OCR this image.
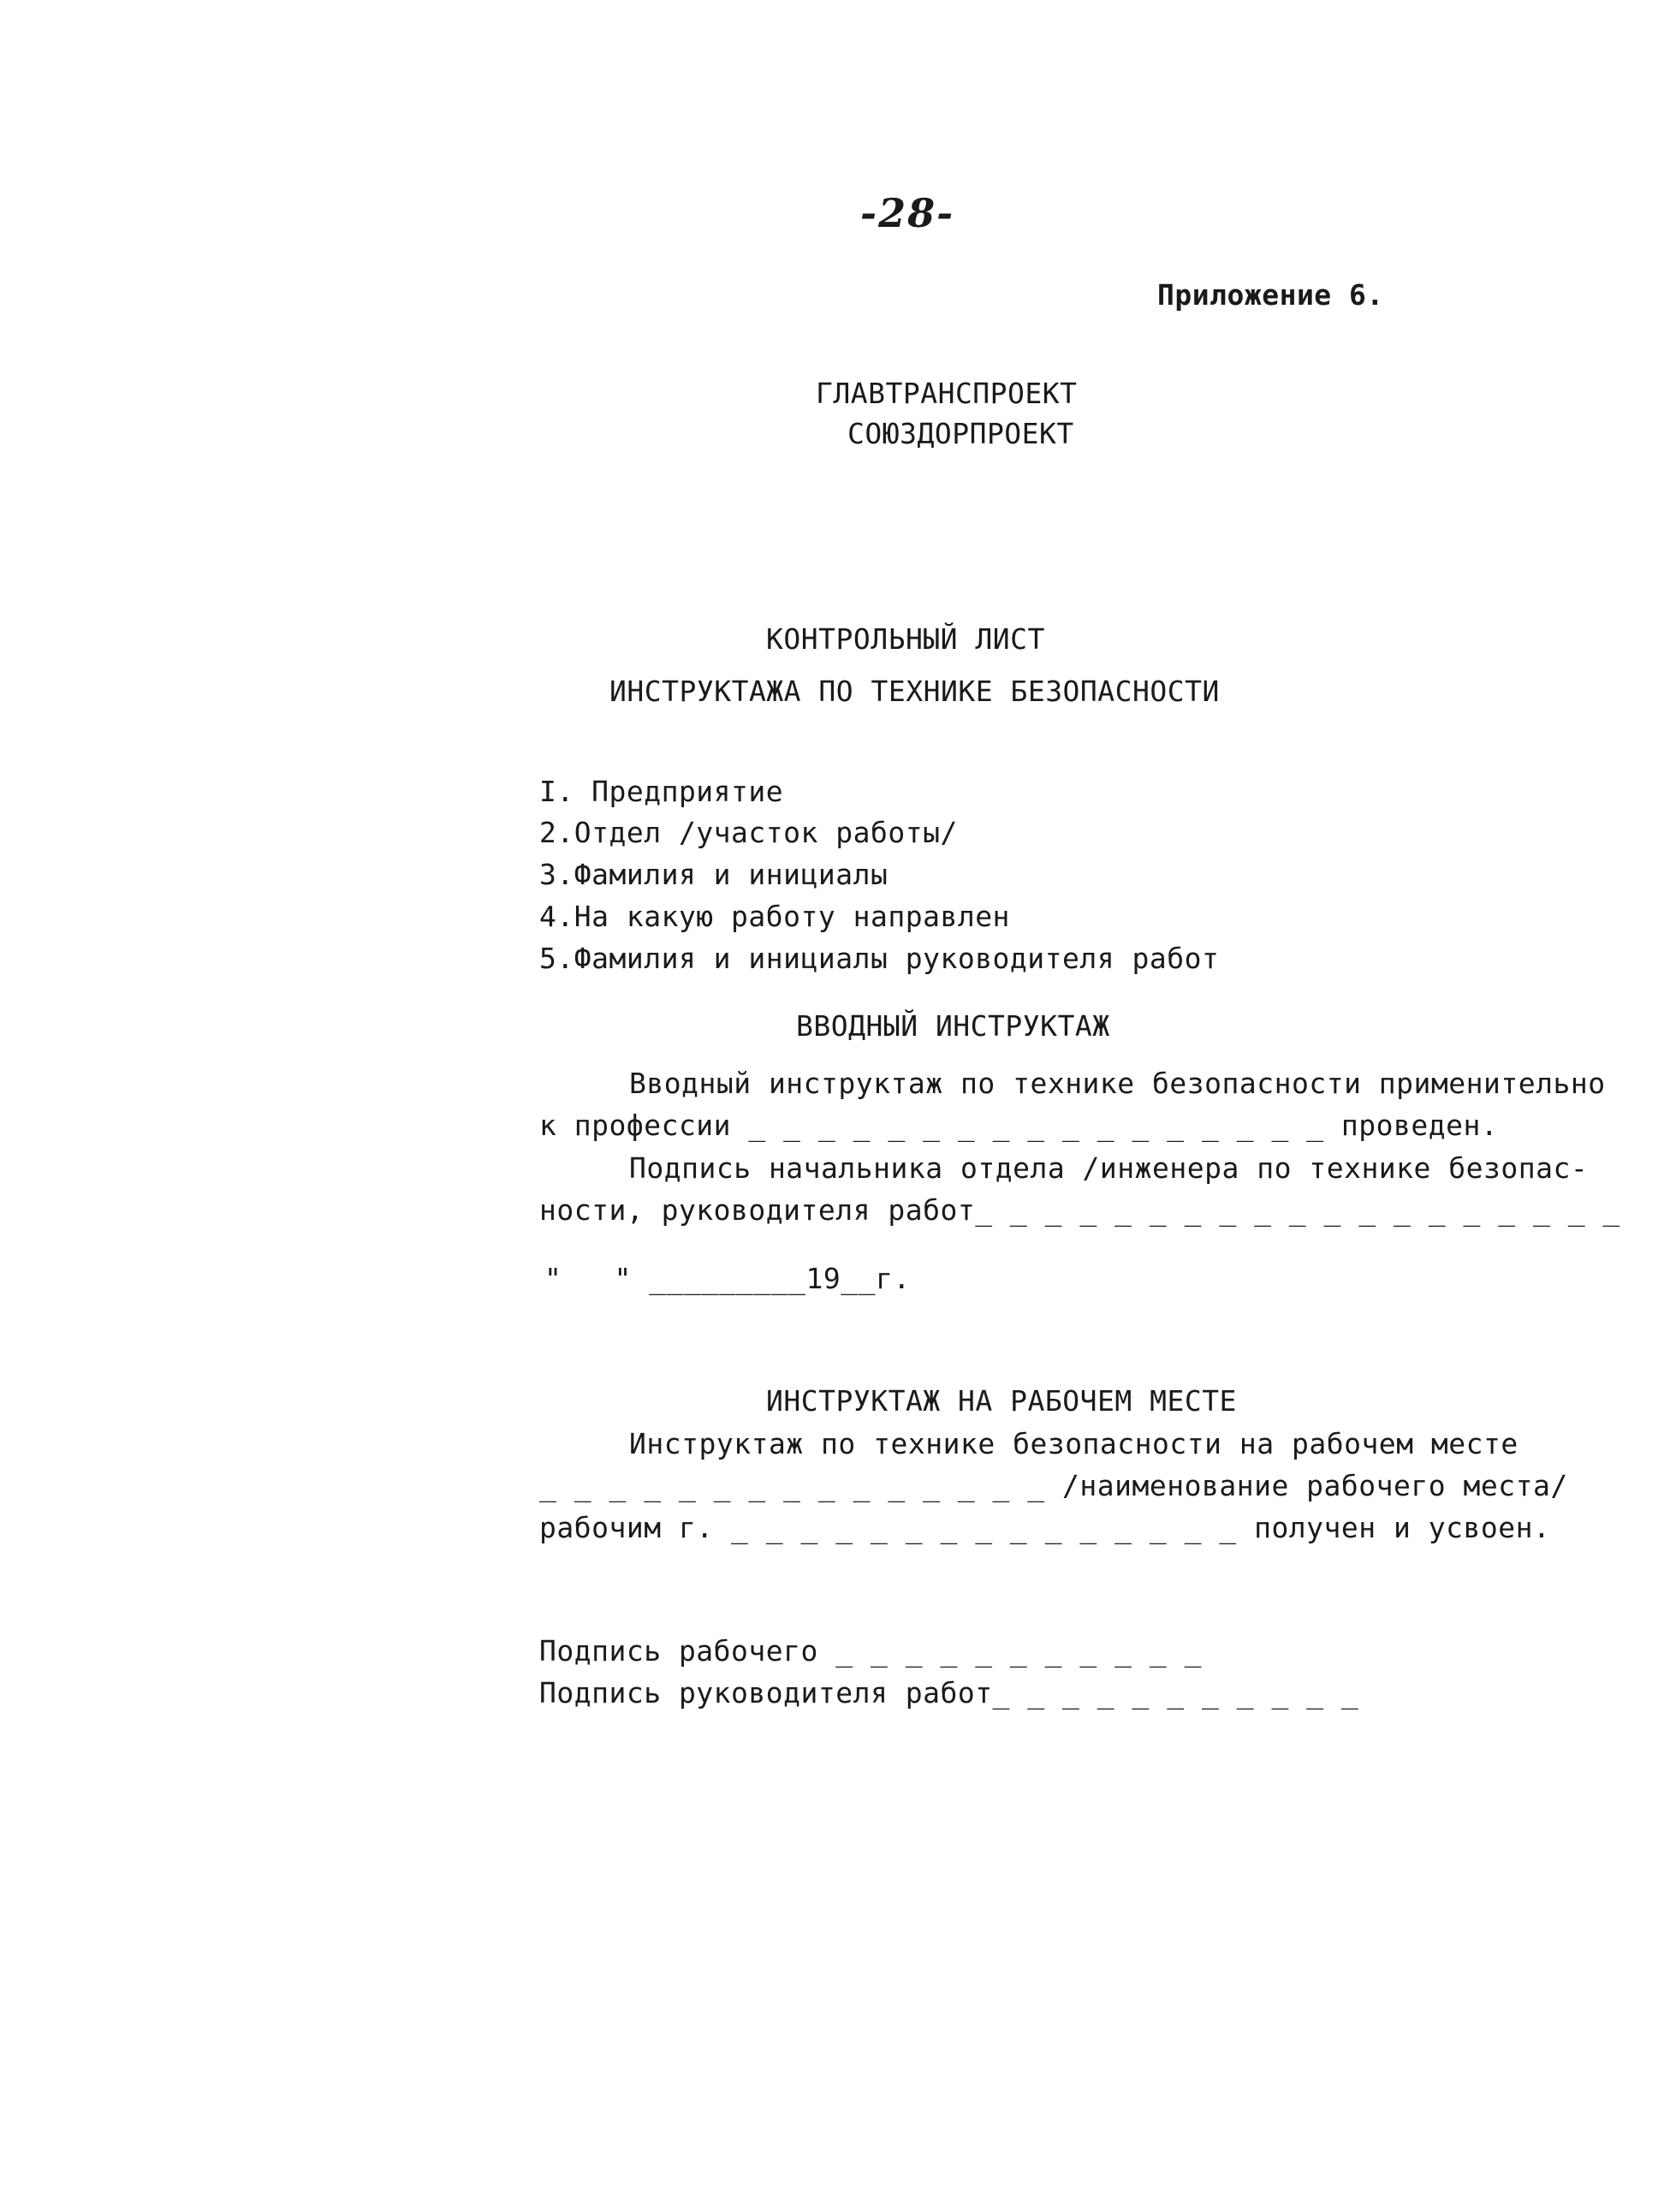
-28-
Приложение 6.
ГЛАВТРАНСПРОЕКТ
СОЮЗДОРПРОЕКТ
КОНТРОЛЬНЫЙ ЛИСТ
ИНСТРУКТАЖА ПО ТЕХНИКЕ БЕЗОПАСНОСТИ
I. Предприятие
2.Отдел /участок работы/
3.Фамилия и инициалы
4.На какую работу направлен
5.Фамилия и инициалы руководителя работ
ВВОДНЫЙ ИНСТРУКТАЖ
Вводный инструктаж по технике безопасности применительно
к профессии _ _ _ _ _ _ _ _ _ _ _ _ _ _ _ _ _ проведен.
Подпись начальника отдела /инженера по технике безопас-
ности, руководителя работ_ _ _ _ _ _ _ _ _ _ _ _ _ _ _ _ _ _ _
"   " _________19__г.
ИНСТРУКТАЖ НА РАБОЧЕМ МЕСТЕ
Инструктаж по технике безопасности на рабочем месте
_ _ _ _ _ _ _ _ _ _ _ _ _ _ _ /наименование рабочего места/
рабочим г. _ _ _ _ _ _ _ _ _ _ _ _ _ _ _ получен и усвоен.
Подпись рабочего _ _ _ _ _ _ _ _ _ _ _
Подпись руководителя работ_ _ _ _ _ _ _ _ _ _ _
